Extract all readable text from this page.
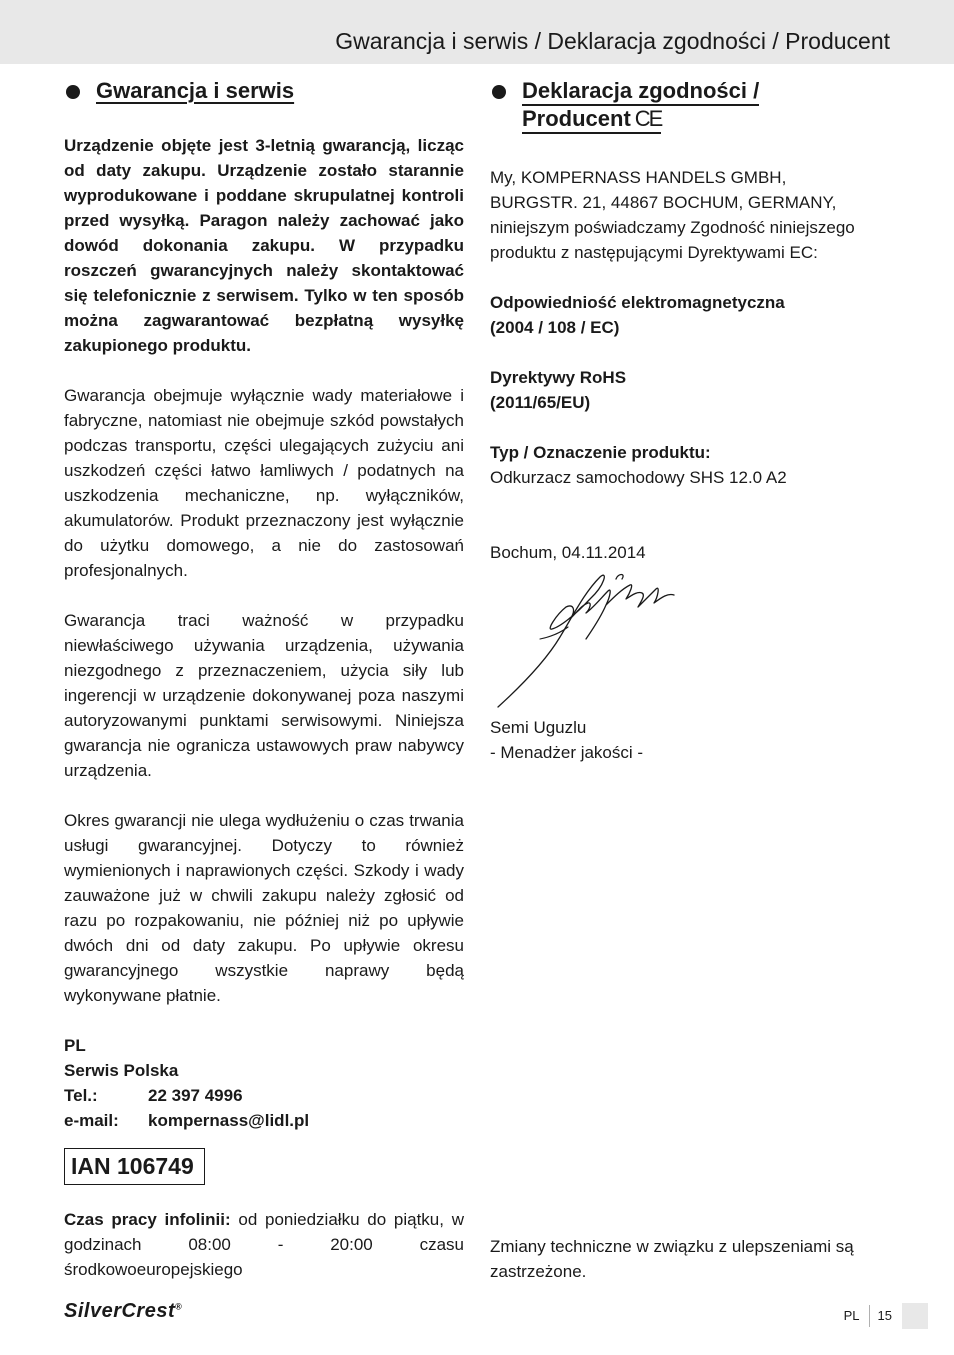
Gwarancja i serwis / Deklaracja zgodności / Producent
Gwarancja i serwis
Urządzenie objęte jest 3-letnią gwarancją, licząc od daty zakupu. Urządzenie zostało starannie wyprodukowane i poddane skrupulatnej kontroli przed wysyłką. Paragon należy zachować jako dowód dokonania zakupu. W przypadku roszczeń gwarancyjnych należy skontaktować się telefonicznie z serwisem. Tylko w ten sposób można zagwarantować bezpłatną wysyłkę zakupionego produktu.
Gwarancja obejmuje wyłącznie wady materiałowe i fabryczne, natomiast nie obejmuje szkód powstałych podczas transportu, części ulegających zużyciu ani uszkodzeń części łatwo łamliwych / podatnych na uszkodzenia mechaniczne, np. wyłączników, akumulatorów. Produkt przeznaczony jest wyłącznie do użytku domowego, a nie do zastosowań profesjonalnych.
Gwarancja traci ważność w przypadku niewłaściwego używania urządzenia, używania niezgodnego z przeznaczeniem, użycia siły lub ingerencji w urządzenie dokonywanej poza naszymi autoryzowanymi punktami serwisowymi. Niniejsza gwarancja nie ogranicza ustawowych praw nabywcy urządzenia.
Okres gwarancji nie ulega wydłużeniu o czas trwania usługi gwarancyjnej. Dotyczy to również wymienionych i naprawionych części. Szkody i wady zauważone już w chwili zakupu należy zgłosić od razu po rozpakowaniu, nie później niż po upływie dwóch dni od daty zakupu. Po upływie okresu gwarancyjnego wszystkie naprawy będą wykonywane płatnie.
PL
Serwis Polska
Tel.:	22 397 4996
e-mail:	kompernass@lidl.pl
IAN 106749
Czas pracy infolinii: od poniedziałku do piątku, w godzinach 08:00 - 20:00 czasu środkowoeuropejskiego
Deklaracja zgodności /
Producent CE
My, KOMPERNASS HANDELS GMBH,
BURGSTR. 21, 44867 BOCHUM, GERMANY,
niniejszym poświadczamy Zgodność niniejszego produktu z następującymi Dyrektywami EC:
Odpowiedniość elektromagnetyczna
(2004 / 108 / EC)
Dyrektywy RoHS
(2011/65/EU)
Typ / Oznaczenie produktu:
Odkurzacz samochodowy SHS 12.0 A2
Bochum, 04.11.2014
Semi Uguzlu
- Menadżer jakości -
Zmiany techniczne w związku z ulepszeniami są zastrzeżone.
SilverCrest®
PL	15
